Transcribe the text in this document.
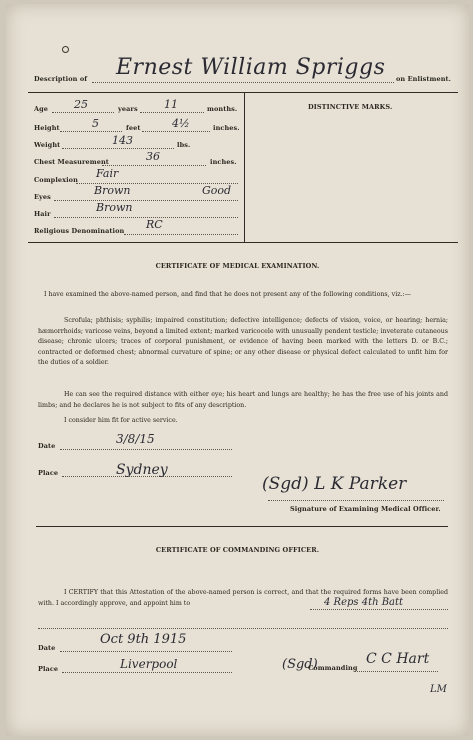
Description of Ernest William Spriggs on Enlistment.
Age 25	years 11	months.
Height	5	feet	4½	inches.
Weight	143	lbs.
Chest Measurement	36	inches.
Complexion Fair
Eyes	Brown	Good
Hair	Brown
Religious Denomination RC
DISTINCTIVE MARKS.
CERTIFICATE OF MEDICAL EXAMINATION.
I have examined the above-named person, and find that he does not present any of the following conditions, viz.:—
Scrofula; phthisis; syphilis; impaired constitution; defective intelligence; defects of vision, voice, or hearing; hernia; hæmorrhoids; varicose veins, beyond a limited extent; marked varicocele with unusually pendent testicle; inveterate cutaneous disease; chronic ulcers; traces of corporal punishment, or evidence of having been marked with the letters D. or B.C.; contracted or deformed chest; abnormal curvature of spine; or any other disease or physical defect calculated to unfit him for the duties of a soldier.
He can see the required distance with either eye; his heart and lungs are healthy; he has the free use of his joints and limbs; and he declares he is not subject to fits of any description.
I consider him fit for active service.
Date	3/8/15
Place	Sydney
(Sgd) L K Parker
Signature of Examining Medical Officer.
CERTIFICATE OF COMMANDING OFFICER.
I CERTIFY that this Attestation of the above-named person is correct, and that the required forms have been complied with. I accordingly approve, and appoint him to	4 Reps 4th Batt
Date
Oct 9th 1915
Place	Liverpool	(Sgd)
Commanding
C C Hart
LM
